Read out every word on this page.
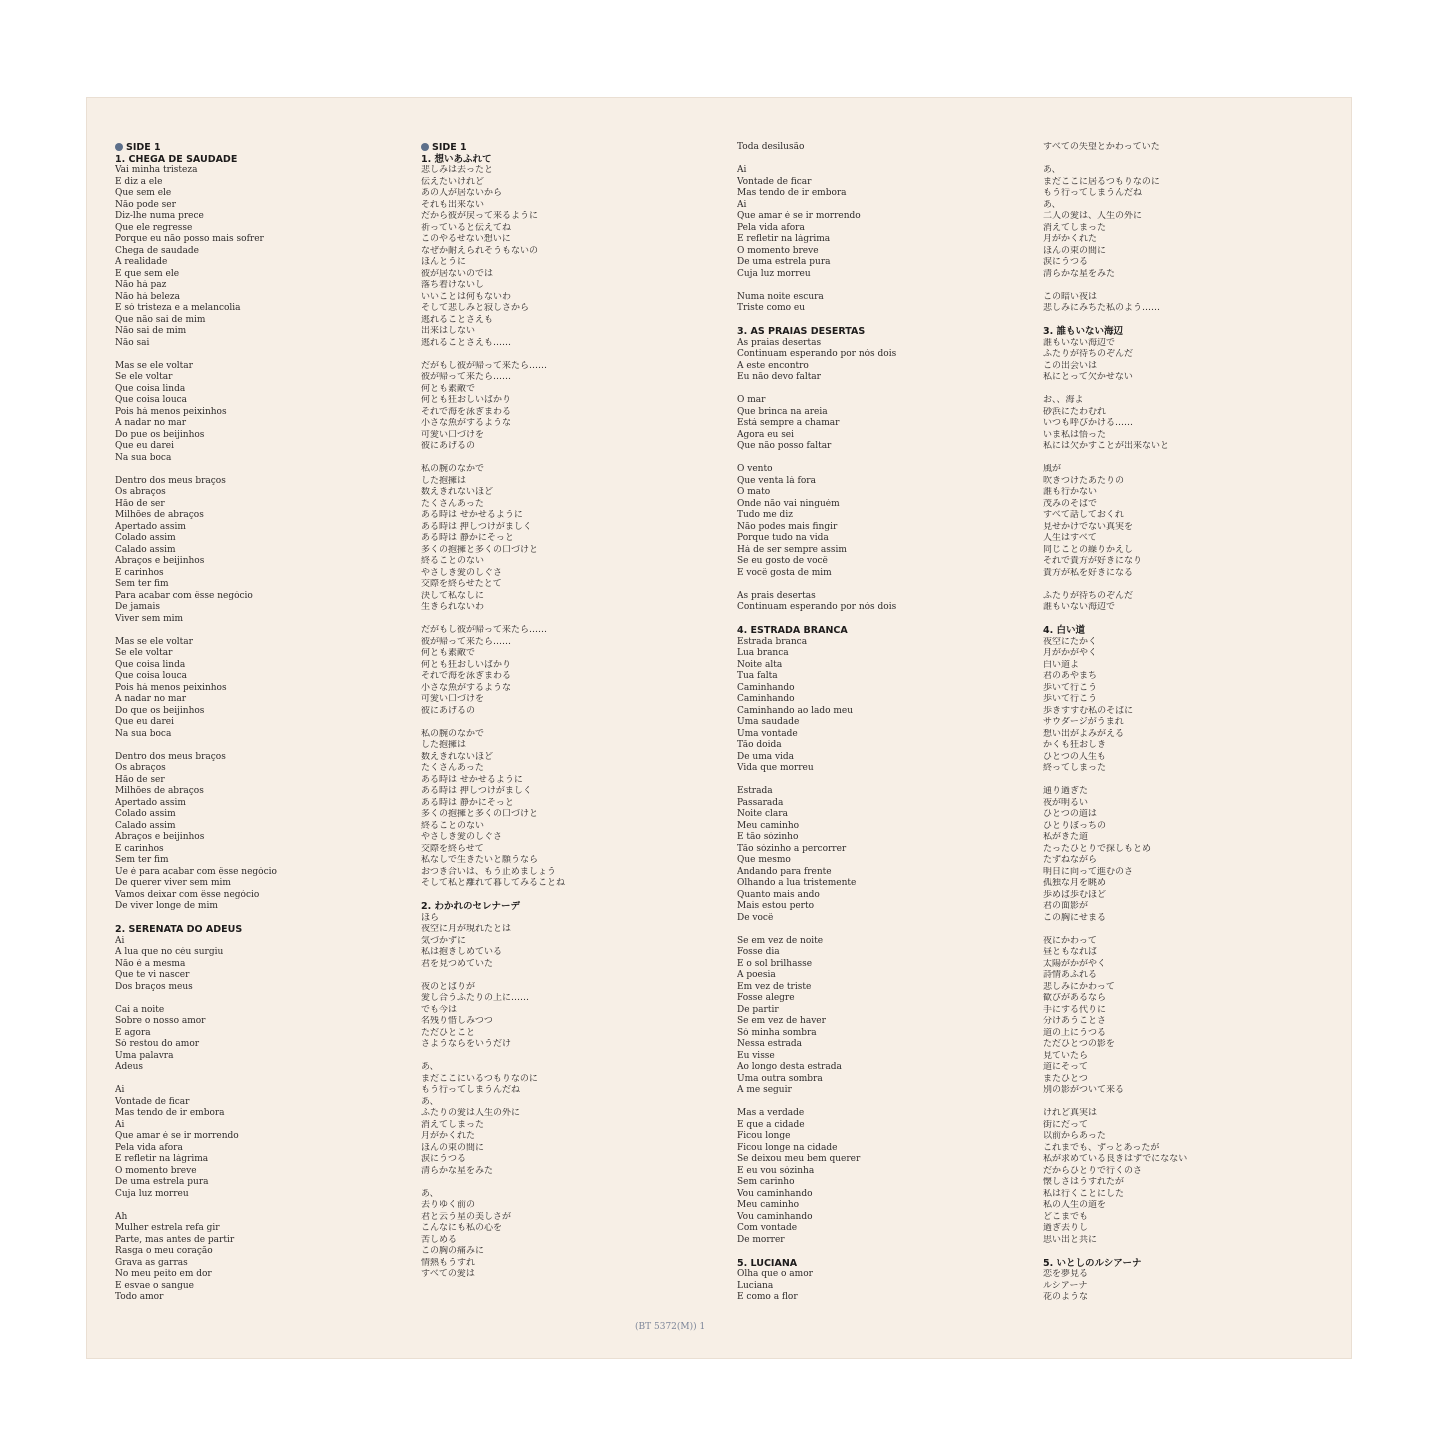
SIDE 1
1. CHEGA DE SAUDADE
Vai minha tristeza
E diz a ele
Que sem ele
Não pode ser
Diz-lhe numa prece
Que ele regresse
Porque eu não posso mais sofrer
Chega de saudade
A realidade
É que sem ele
Não há paz
Não há beleza
É só tristeza e a melancolia
Que não sai de mim
Não sai de mim
Não sai
Mas se ele voltar
Se ele voltar
Que coisa linda
Que coisa louca
Pois há menos peixinhos
A nadar no mar
Do pue os beijinhos
Que eu darei
Na sua boca
Dentro dos meus braços
Os abraços
Hão de ser
Milhões de abraços
Apertado assim
Colado assim
Calado assim
Abraços e beijinhos
E carinhos
Sem ter fim
Para acabar com êsse negócio
De jamais
Viver sem mim
Mas se ele voltar
Se ele voltar
Que coisa linda
Que coisa louca
Pois há menos peixinhos
A nadar no mar
Do que os beijinhos
Que eu darei
Na sua boca
Dentro dos meus braços
Os abraços
Hão de ser
Milhões de abraços
Apertado assim
Colado assim
Calado assim
Abraços e beijinhos
E carinhos
Sem ter fim
Ue é para acabar com êsse negócio
De querer viver sem mim
Vamos deixar com êsse negócio
De viver longe de mim
2. SERENATA DO ADEUS
Ai
A lua que no céu surgiu
Não é a mesma
Que te vi nascer
Dos braços meus
Cai a noite
Sobre o nosso amor
E agora
Só restou do amor
Uma palavra
Adeus
Ai
Vontade de ficar
Mas tendo de ir embora
Ai
Que amar é se ir morrendo
Pela vida afora
É refletir na lágrima
O momento breve
De uma estrela pura
Cuja luz morreu
Ah
Mulher estrela refa gir
Parte, mas antes de partir
Rasga o meu coração
Grava as garras
No meu peito em dor
E esvae o sangue
Todo amor
SIDE 1
1. 想いあふれて
悲しみは去ったと
伝えたいけれど
あの人が居ないから
それも出来ない
だから彼が戻って来るように
祈っていると伝えてね
このやるせない想いに
なぜか耐えられそうもないの
ほんとうに
彼が居ないのでは
落ち着けないし
いいことは何もないわ
そして悲しみと寂しさから
逃れることさえも
出来はしない
逃れることさえも……
だがもし彼が帰って来たら……
彼が帰って来たら……
何とも素敵で
何とも狂おしいばかり
それで海を泳ぎまわる
小さな魚がするような
可愛い口づけを
彼にあげるの
私の腕のなかで
した抱擁は
数えきれないほど
たくさんあった
ある時は せかせるように
ある時は 押しつけがましく
ある時は 静かにそっと
多くの抱擁と多くの口づけと
終ることのない
やさしき愛のしぐさ
交際を終らせたとて
決して私なしに
生きられないわ
だがもし彼が帰って来たら……
彼が帰って来たら……
何とも素敵で
何とも狂おしいばかり
それで海を泳ぎまわる
小さな魚がするような
可愛い口づけを
彼にあげるの
私の腕のなかで
した抱擁は
数えきれないほど
たくさんあった
ある時は せかせるように
ある時は 押しつけがましく
ある時は 静かにそっと
多くの抱擁と多くの口づけと
終ることのない
やさしき愛のしぐさ
交際を終らせて
私なしで生きたいと願うなら
おつき合いは、もう止めましょう
そして私と離れて暮してみることね
2. わかれのセレナーデ
ほら
夜空に月が現れたとは
気づかずに
私は抱きしめている
君を見つめていた
夜のとばりが
愛し合うふたりの上に……
でも今は
名残り惜しみつつ
ただひとこと
さようならをいうだけ
あ、
まだここにいるつもりなのに
もう行ってしまうんだね
あ、
ふたりの愛は人生の外に
消えてしまった
月がかくれた
ほんの束の間に
涙にうつる
清らかな星をみた
あ、
去りゆく前の
君と云う星の美しさが
こんなにも私の心を
苦しめる
この胸の痛みに
情熱もうすれ
すべての愛は
Toda desilusão
Ai
Vontade de ficar
Mas tendo de ir embora
Ai
Que amar é se ir morrendo
Pela vida afora
É refletir na lágrima
O momento breve
De uma estrela pura
Cuja luz morreu
Numa noite escura
Triste como eu
3. AS PRAIAS DESERTAS
As praias desertas
Continuam esperando por nós dois
A este encontro
Eu não devo faltar
O mar
Que brinca na areia
Está sempre a chamar
Agora eu sei
Que não posso faltar
O vento
Que venta lá fora
O mato
Onde não vai ninguém
Tudo me diz
Não podes mais fingir
Porque tudo na vida
Há de ser sempre assim
Se eu gosto de você
E você gosta de mim
As prais desertas
Continuam esperando por nós dois
4. ESTRADA BRANCA
Estrada branca
Lua branca
Noite alta
Tua falta
Caminhando
Caminhando
Caminhando ao lado meu
Uma saudade
Uma vontade
Tão doida
De uma vida
Vida que morreu
Estrada
Passarada
Noite clara
Meu caminho
É tão sózinho
Tão sózinho a percorrer
Que mesmo
Andando para frente
Olhando a lua tristemente
Quanto mais ando
Mais estou perto
De você
Se em vez de noite
Fosse dia
E o sol brilhasse
A poesia
Em vez de triste
Fosse alegre
De partir
Se em vez de haver
Só minha sombra
Nessa estrada
Eu visse
Ao longo desta estrada
Uma outra sombra
A me seguir
Mas a verdade
É que a cidade
Ficou longe
Ficou longe na cidade
Se deixou meu bem querer
E eu vou sózinha
Sem carinho
Vou caminhando
Meu caminho
Vou caminhando
Com vontade
De morrer
5. LUCIANA
Olha que o amor
Luciana
É como a flor
すべての失望とかわっていた
あ、
まだここに居るつもりなのに
もう行ってしまうんだね
あ、
二人の愛は、人生の外に
消えてしまった
月がかくれた
ほんの束の間に
涙にうつる
清らかな星をみた
この暗い夜は
悲しみにみちた私のよう……
3. 誰もいない海辺
誰もいない海辺で
ふたりが待ちのぞんだ
この出会いは
私にとって欠かせない
お、、海よ
砂浜にたわむれ
いつも呼びかける……
いま私は悟った
私には欠かすことが出来ないと
風が
吹きつけたあたりの
誰も行かない
茂みのそばで
すべて話しておくれ
見せかけでない真実を
人生はすべて
同じことの繰りかえし
それで貴方が好きになり
貴方が私を好きになる
ふたりが待ちのぞんだ
誰もいない海辺で
4. 白い道
夜空にたかく
月がかがやく
白い道よ
君のあやまち
歩いて行こう
歩いて行こう
歩きすすむ私のそばに
サウダージがうまれ
想い出がよみがえる
かくも狂おしき
ひとつの人生も
終ってしまった
通り過ぎた
夜が明るい
ひとつの道は
ひとりぼっちの
私がきた道
たったひとりで探しもとめ
たずねながら
明日に向って進むのさ
孤独な月を眺め
歩めば歩むほど
君の面影が
この胸にせまる
夜にかわって
昼ともなれば
太陽がかがやく
詩情あふれる
悲しみにかわって
歓びがあるなら
手にする代りに
分けあうことさ
道の上にうつる
ただひとつの影を
見ていたら
道にそって
またひとつ
別の影がついて来る
けれど真実は
街にだって
以前からあった
これまでも、ずっとあったが
私が求めている良きはずでになない
だからひとりで行くのさ
懐しさはうすれたが
私は行くことにした
私の人生の道を
どこまでも
過ぎ去りし
思い出と共に
5. いとしのルシアーナ
恋を夢見る
ルシアーナ
花のような
(BT 5372(M)) 1
